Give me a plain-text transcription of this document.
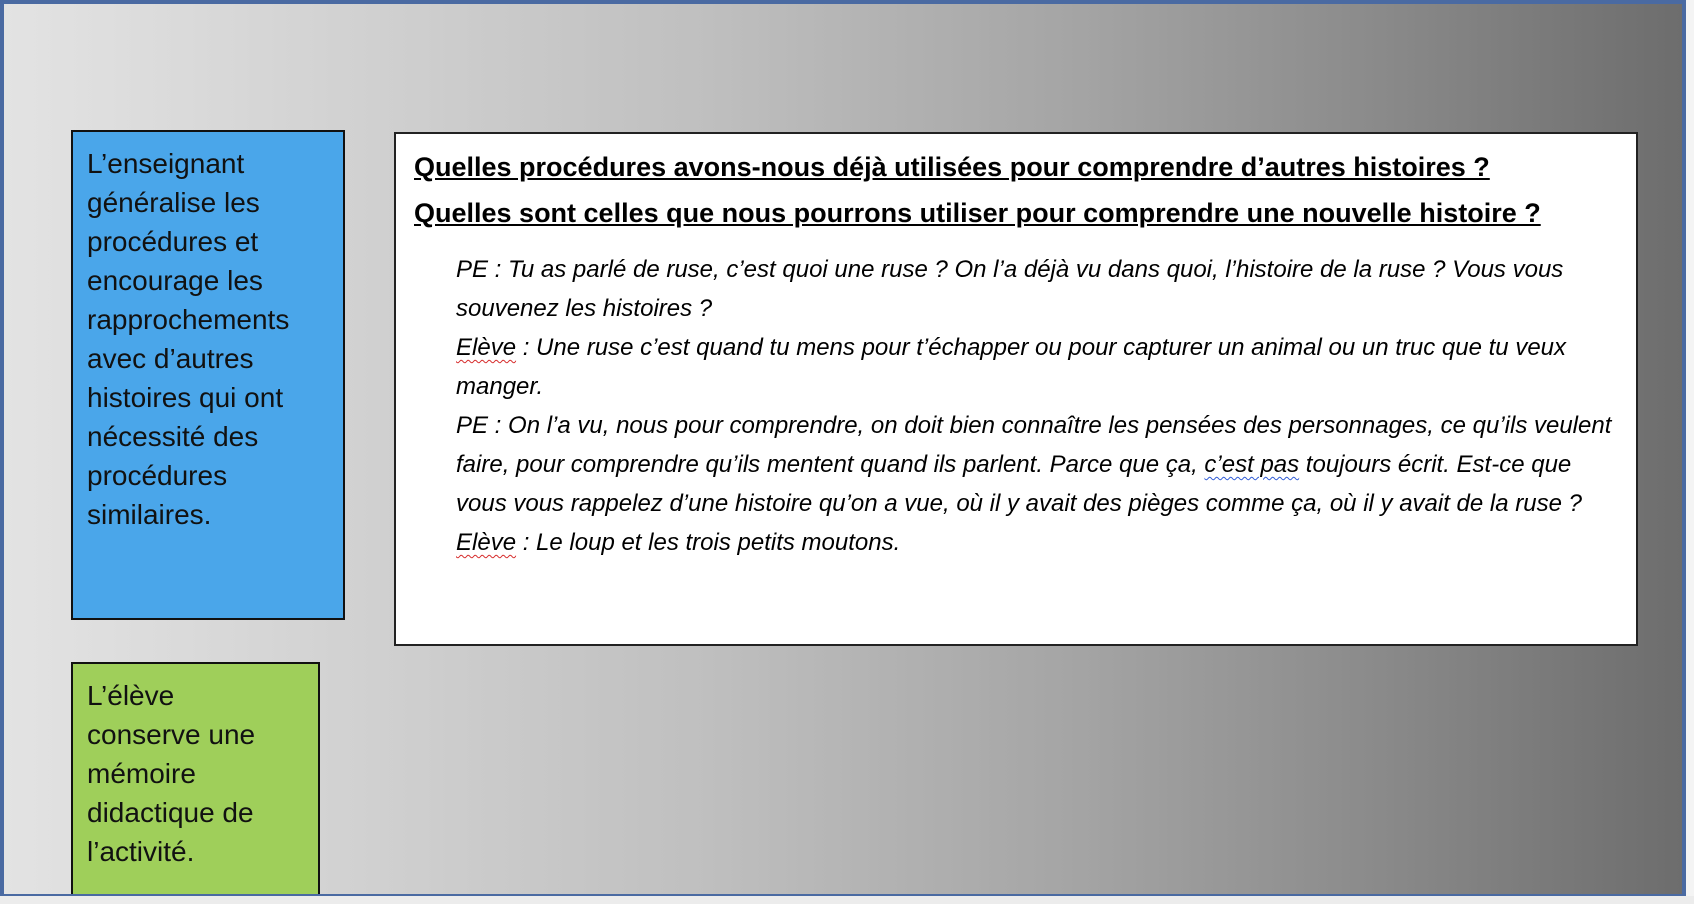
L’enseignant
généralise les
procédures et
encourage les
rapprochements
avec d’autres
histoires qui ont
nécessité des
procédures
similaires.
L’élève
conserve une
mémoire
didactique de
l’activité.
Quelles procédures avons-nous déjà utilisées pour comprendre d’autres histoires ?
Quelles sont celles que nous pourrons utiliser pour comprendre une nouvelle histoire ?
PE : Tu as parlé de ruse, c’est quoi une ruse ? On l’a déjà vu dans quoi, l’histoire de la ruse ? Vous vous souvenez les histoires ?
Elève : Une ruse c’est quand tu mens pour t’échapper ou pour capturer un animal ou un truc que tu veux manger.
PE : On l’a vu, nous pour comprendre, on doit bien connaître les pensées des personnages, ce qu’ils veulent faire, pour comprendre qu’ils mentent quand ils parlent. Parce que ça, c’est pas toujours écrit. Est-ce que vous vous rappelez d’une histoire qu’on a vue, où il y avait des pièges comme ça, où il y avait de la ruse ?
Elève : Le loup et les trois petits moutons.
